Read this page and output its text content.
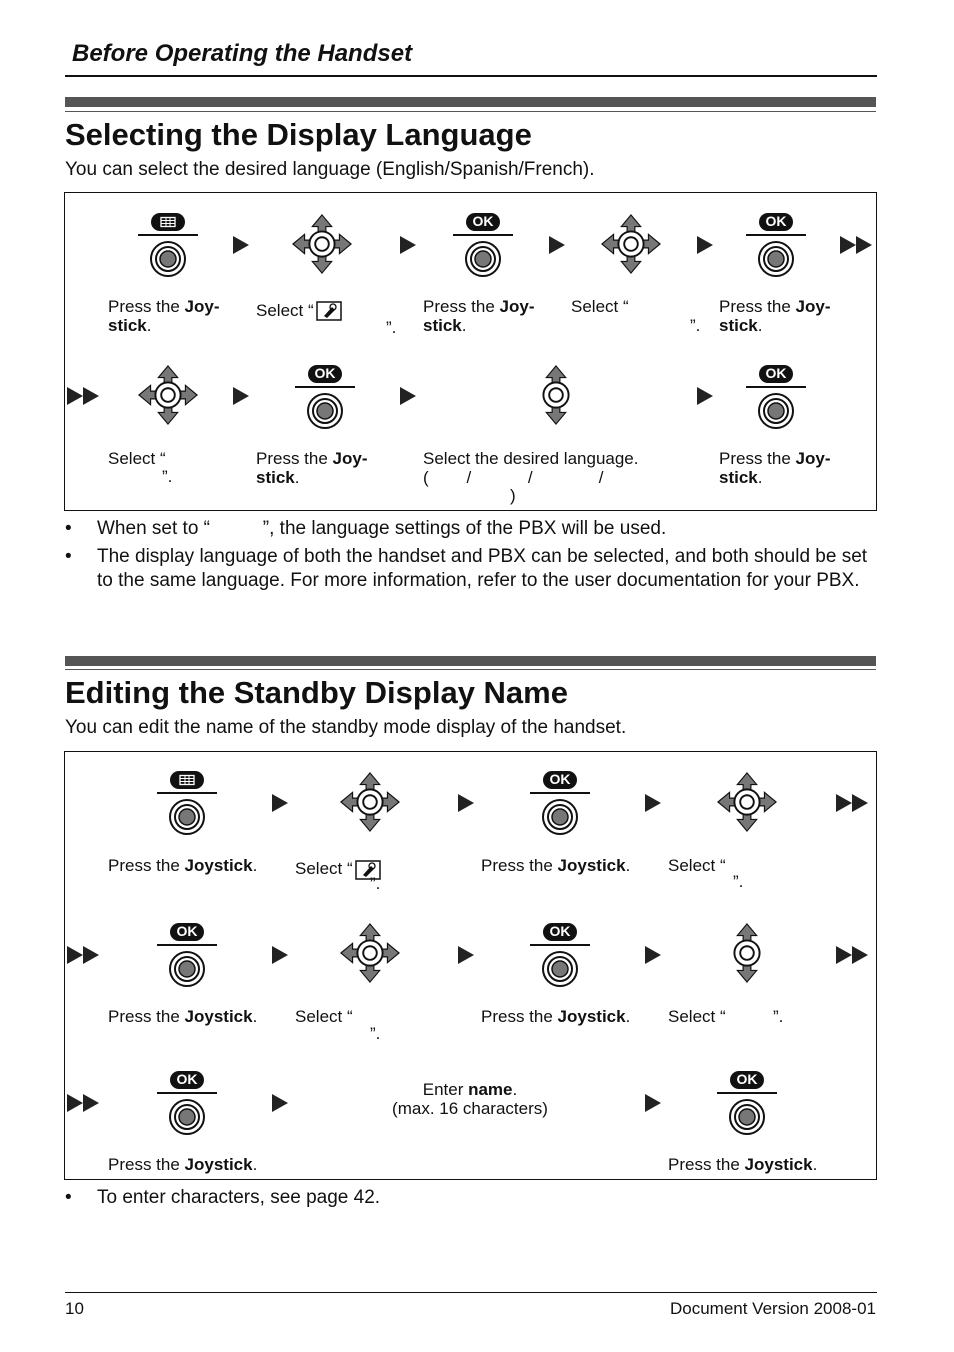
Before Operating the Handset
Selecting the Display Language
You can select the desired language (English/Spanish/French).
OK	OK
Press the Joy-
stick.
Select “
”.
Press the Joy-
stick.
Select “
”.
Press the Joy-
stick.
OK	OK
Select “
”.
Press the Joy-
stick.
Select the desired language.
(        /            /              /
)
Press the Joy-
stick.
• When set to “          ”, the language settings of the PBX will be used.
• The display language of both the handset and PBX can be selected, and both should be set to the same language. For more information, refer to the user documentation for your PBX.
Editing the Standby Display Name
You can edit the name of the standby mode display of the handset.
OK
Press the Joystick. Select “
”.
Press the Joystick. Select “
”.
OK	OK
Press the Joystick. Select “
”.
Press the Joystick. Select “	”.
OK	OK
Enter name.
(max. 16 characters)
Press the Joystick.	Press the Joystick.
• To enter characters, see page 42.
10	Document Version 2008-01
